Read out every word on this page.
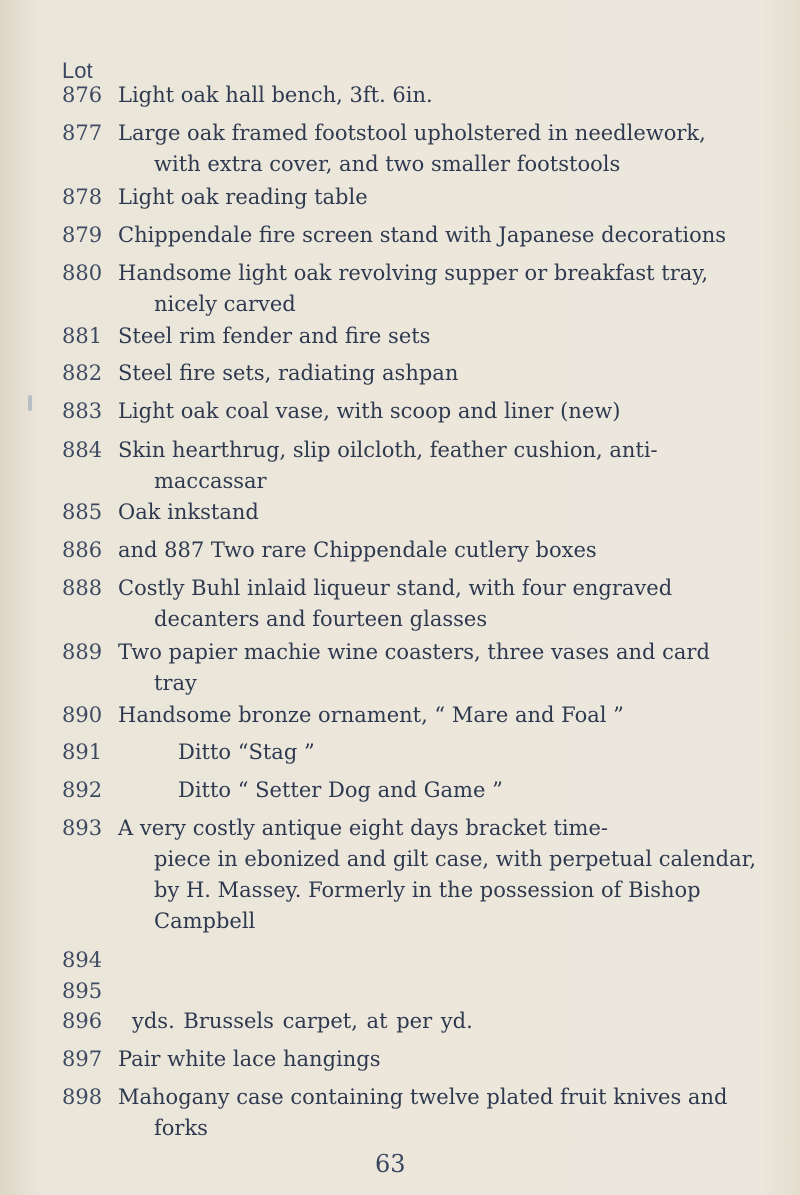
Lot
876 Light oak hall bench, 3ft. 6in.
877 Large oak framed footstool upholstered in needlework,
with extra cover, and two smaller footstools
878 Light oak reading table
879 Chippendale fire screen stand with Japanese decorations
880 Handsome light oak revolving supper or breakfast tray,
nicely carved
881 Steel rim fender and fire sets
882 Steel fire sets, radiating ashpan
883 Light oak coal vase, with scoop and liner (new)
884 Skin hearthrug, slip oilcloth, feather cushion, anti-
maccassar
885 Oak inkstand
886 and 887 Two rare Chippendale cutlery boxes
888 Costly Buhl inlaid liqueur stand, with four engraved
decanters and fourteen glasses
889 Two papier machie wine coasters, three vases and card
tray
890 Handsome bronze ornament, “ Mare and Foal ”
891	Ditto “Stag ”
892	Ditto “ Setter Dog and Game ”
893 A very costly antique eight days bracket time-
piece in ebonized and gilt case, with perpetual calendar,
by H. Massey. Formerly in the possession of Bishop
Campbell
894
895
896	yds. Brussels carpet, at per yd.
897 Pair white lace hangings
898 Mahogany case containing twelve plated fruit knives and
forks
63
